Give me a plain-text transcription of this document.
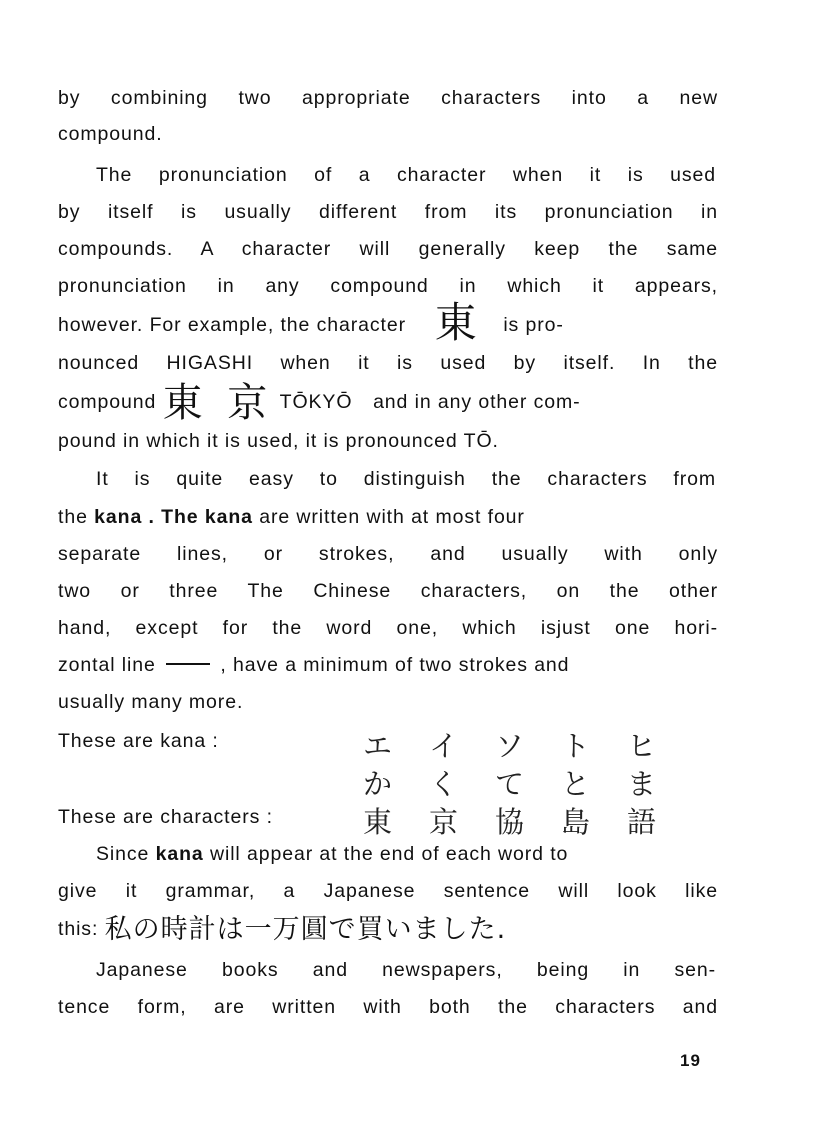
by combining two appropriate characters into a new
compound.
The pronunciation of a character when it is used
by itself is usually different from its pronunciation in
compounds. A character will generally keep the same
pronunciation in any compound in which it appears,
however. For example, the character 東 is pro-
nounced HIGASHI when it is used by itself. In the
compound 東 京 TŌKYŌ and in any other com-
pound in which it is used, it is pronounced TŌ.
It is quite easy to distinguish the characters from
the kana . The kana are written with at most four
separate lines, or strokes, and usually with only
two or three The Chinese characters, on the other
hand, except for the word one, which isjust one hori-
zontal line	, have a minimum of two strokes and
usually many more.
These are kana :	エ イ ソ ト ヒ
か く て と ま
These are characters :	東 京 協 島 語
Since kana will appear at the end of each word to
give it grammar, a Japanese sentence will look like
this: 私の時計は一万圓で買いました.
Japanese books and newspapers, being in sen-
tence form, are written with both the characters and
19
